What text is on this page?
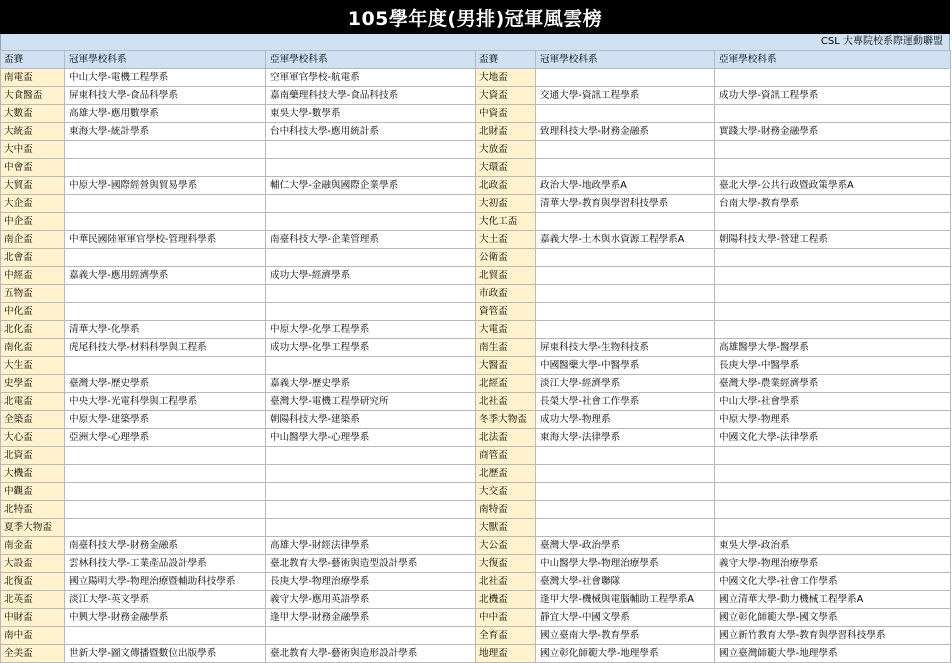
105學年度(男排)冠軍風雲榜
CSL 大專院校系際運動聯盟
盃賽	冠軍學校科系	亞軍學校科系	盃賽	冠軍學校科系	亞軍學校科系
南電盃	中山大學-電機工程學系	空軍軍官學校-航電系	大地盃		
大食醫盃	屏東科技大學-食品科學系	嘉南藥理科技大學-食品科技系	大資盃	交通大學-資訊工程學系	成功大學-資訊工程學系
大數盃	高雄大學-應用數學系	東吳大學-數學系	中資盃		
大統盃	東海大學-統計學系	台中科技大學-應用統計系	北財盃	致理科技大學-財務金融系	實踐大學-財務金融學系
大中盃			大放盃		
中會盃			大環盃		
大貿盃	中原大學-國際經營與貿易學系	輔仁大學-金融與國際企業學系	北政盃	政治大學-地政學系A	臺北大學-公共行政暨政策學系A
大企盃			大初盃	清華大學-教育與學習科技學系	台南大學-教育學系
中企盃			大化工盃		
南企盃	中華民國陸軍軍官學校-管理科學系	南臺科技大學-企業管理系	大土盃	嘉義大學-土木與水資源工程學系A	朝陽科技大學-營建工程系
北會盃			公衛盃		
中經盃	嘉義大學-應用經濟學系	成功大學-經濟學系	北貿盃		
五物盃			市政盃		
中化盃			資管盃		
北化盃	清華大學-化學系	中原大學-化學工程學系	大電盃		
南化盃	虎尾科技大學-材料科學與工程系	成功大學-化學工程學系	南生盃	屏東科技大學-生物科技系	高雄醫學大學-醫學系
大生盃			大醫盃	中國醫藥大學-中醫學系	長庚大學-中醫學系
史學盃	臺灣大學-歷史學系	嘉義大學-歷史學系	北經盃	淡江大學-經濟學系	臺灣大學-農業經濟學系
北電盃	中央大學-光電科學與工程學系	臺灣大學-電機工程學研究所	北社盃	長榮大學-社會工作學系	中山大學-社會學系
全築盃	中原大學-建築學系	朝陽科技大學-建築系	冬季大物盃	成功大學-物理系	中原大學-物理系
大心盃	亞洲大學-心理學系	中山醫學大學-心理學系	北法盃	東海大學-法律學系	中國文化大學-法律學系
北資盃			商管盃		
大機盃			北歷盃		
中觀盃			大交盃		
北特盃			南特盃		
夏季大物盃			大獸盃		
南金盃	南臺科技大學-財務金融系	高雄大學-財經法律學系	大公盃	臺灣大學-政治學系	東吳大學-政治系
大設盃	雲林科技大學-工業產品設計學系	臺北教育大學-藝術與造型設計學系	大復盃	中山醫學大學-物理治療學系	義守大學-物理治療學系
北復盃	國立陽明大學-物理治療暨輔助科技學系	長庚大學-物理治療學系	北社盃	臺灣大學-社會聯隊	中國文化大學-社會工作學系
北英盃	淡江大學-英文學系	義守大學-應用英語學系	北機盃	逢甲大學-機械與電腦輔助工程學系A	國立清華大學-動力機械工程學系A
中財盃	中興大學-財務金融學系	逢甲大學-財務金融學系	中中盃	靜宜大學-中國文學系	國立彰化師範大學-國文學系
南中盃			全育盃	國立臺南大學-教育學系	國立新竹教育大學-教育與學習科技學系
全美盃	世新大學-圖文傳播暨數位出版學系	臺北教育大學-藝術與造形設計學系	地理盃	國立彰化師範大學-地理學系	國立臺灣師範大學-地理學系
